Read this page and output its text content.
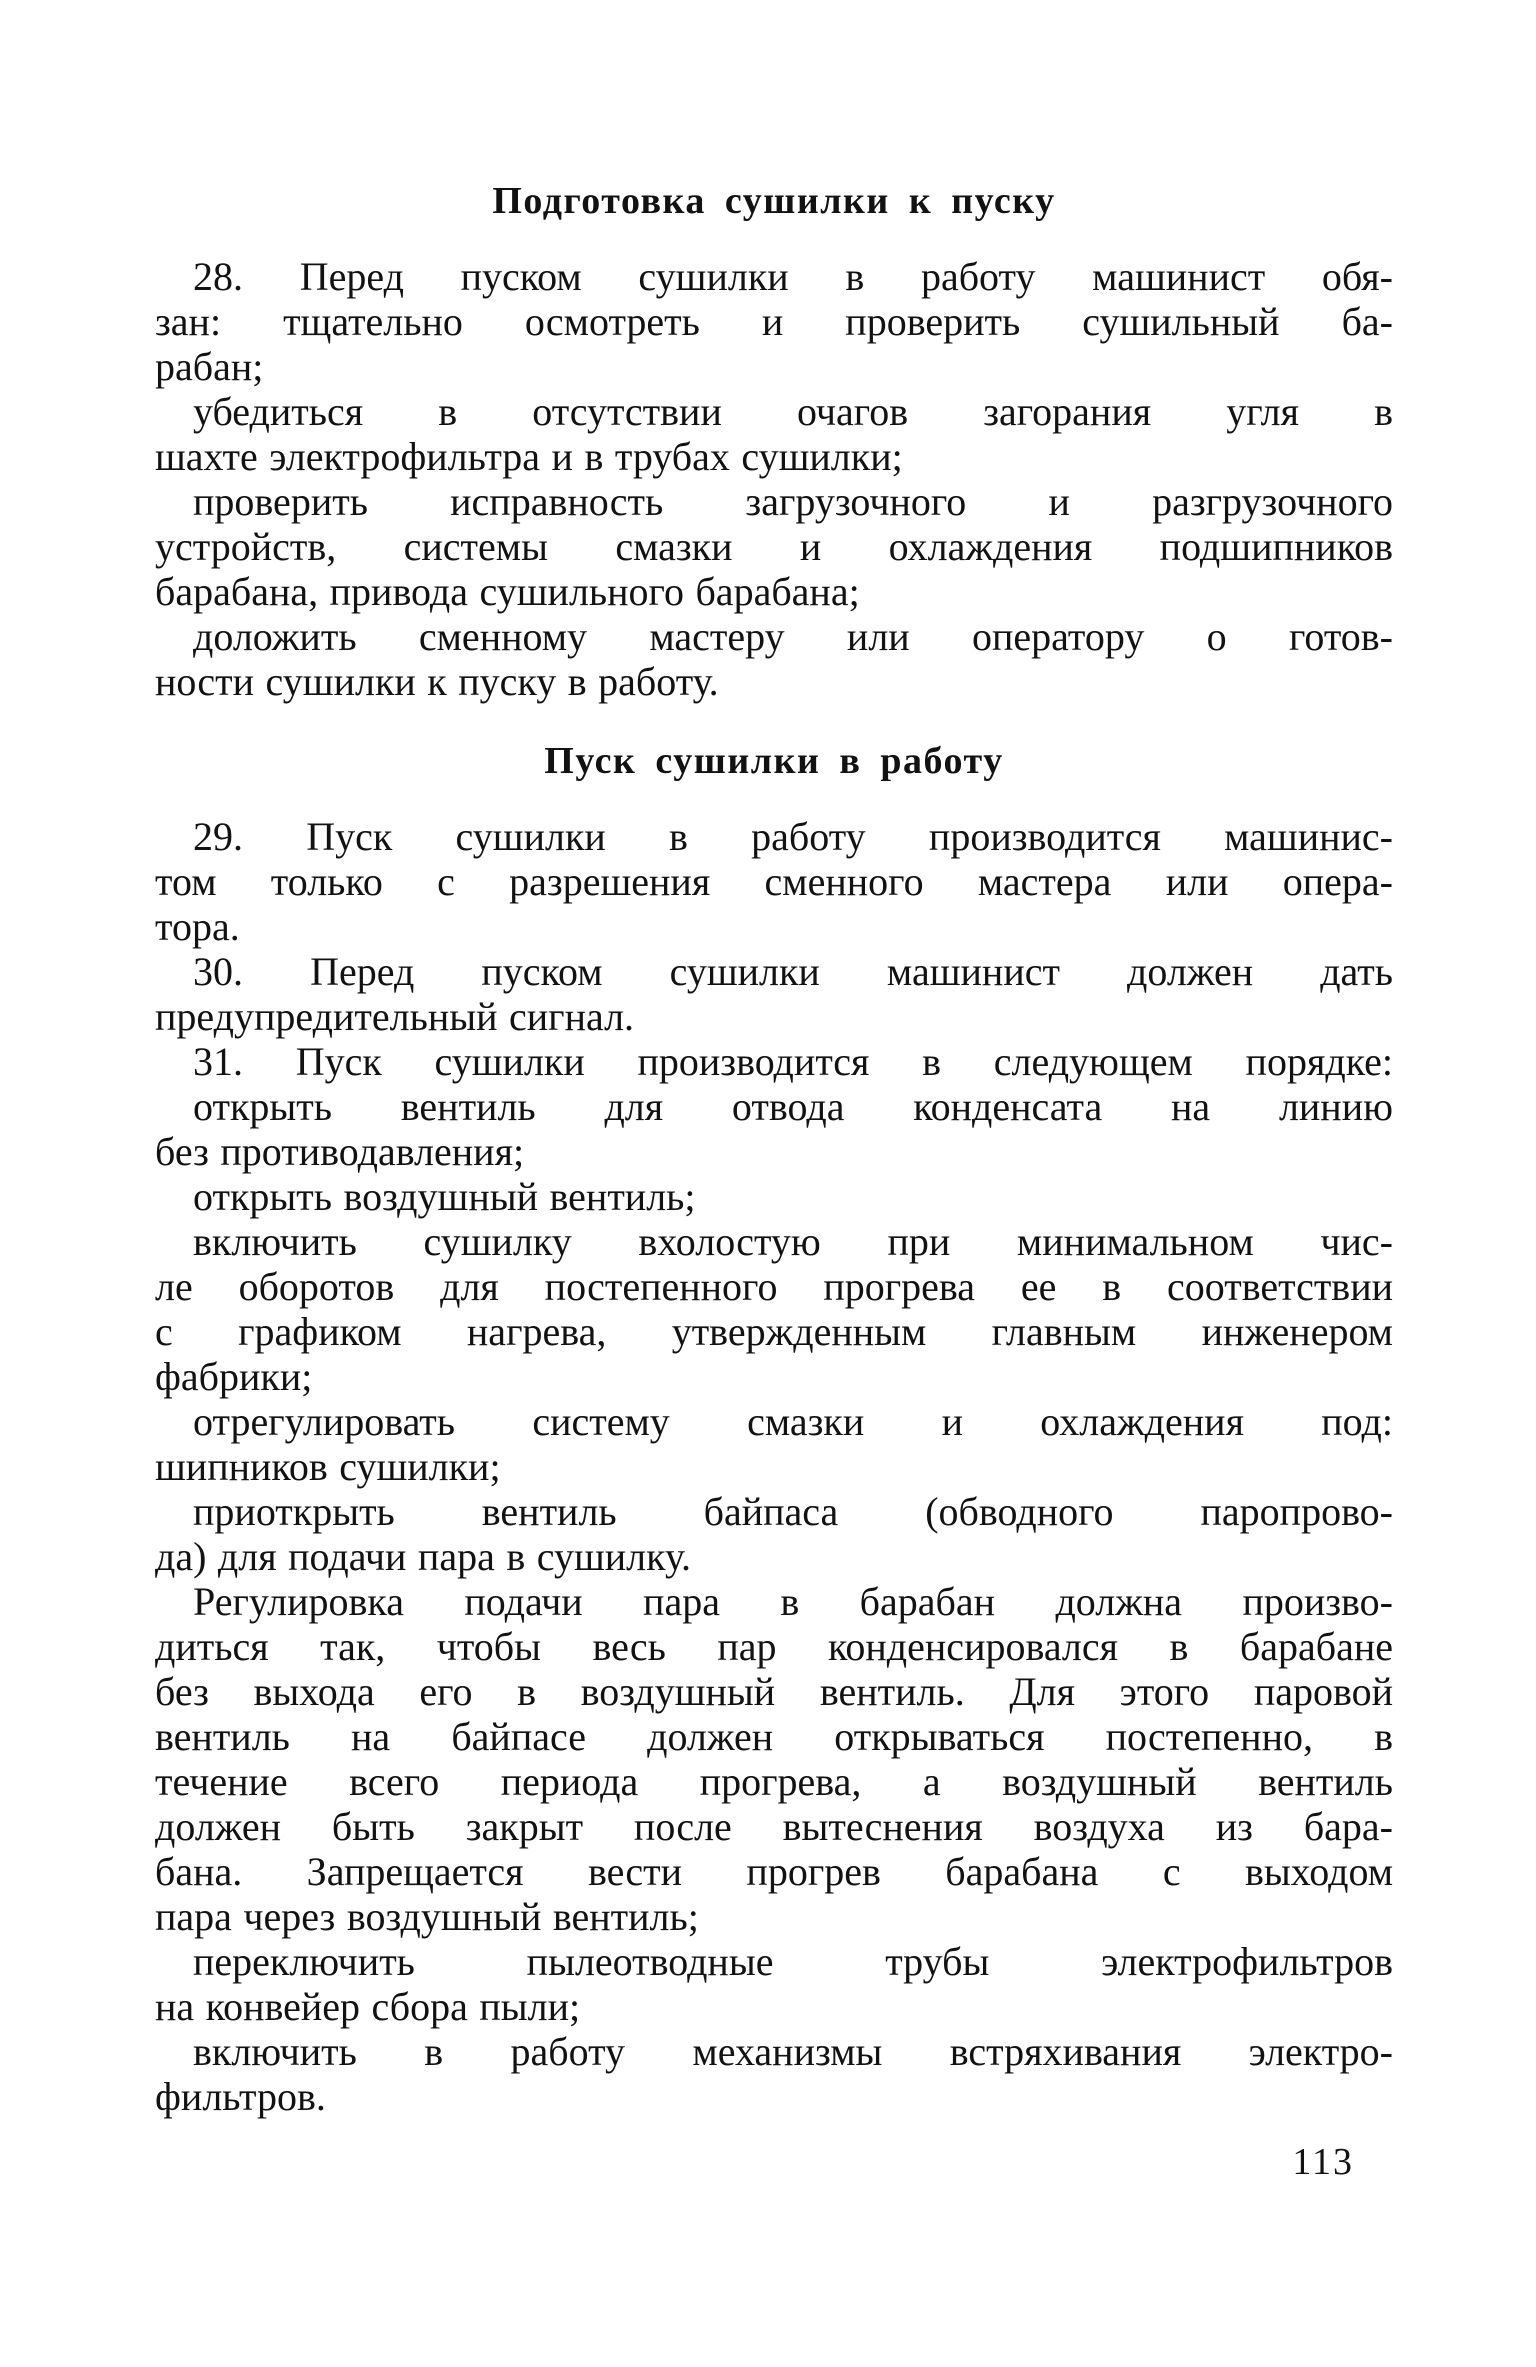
Подготовка сушилки к пуску
28. Перед пуском сушилки в работу машинист обя-
зан: тщательно осмотреть и проверить сушильный ба-
рабан;
убедиться в отсутствии очагов загорания угля в
шахте электрофильтра и в трубах сушилки;
проверить исправность загрузочного и разгрузочного
устройств, системы смазки и охлаждения подшипников
барабана, привода сушильного барабана;
доложить сменному мастеру или оператору о готов-
ности сушилки к пуску в работу.
Пуск сушилки в работу
29. Пуск сушилки в работу производится машинис-
том только с разрешения сменного мастера или опера-
тора.
30. Перед пуском сушилки машинист должен дать
предупредительный сигнал.
31. Пуск сушилки производится в следующем порядке:
открыть вентиль для отвода конденсата на линию
без противодавления;
открыть воздушный вентиль;
включить сушилку вхолостую при минимальном чис-
ле оборотов для постепенного прогрева ее в соответствии
с графиком нагрева, утвержденным главным инженером
фабрики;
отрегулировать систему смазки и охлаждения под:
шипников сушилки;
приоткрыть вентиль байпаса (обводного паропрово-
да) для подачи пара в сушилку.
Регулировка подачи пара в барабан должна произво-
диться так, чтобы весь пар конденсировался в барабане
без выхода его в воздушный вентиль. Для этого паровой
вентиль на байпасе должен открываться постепенно, в
течение всего периода прогрева, а воздушный вентиль
должен быть закрыт после вытеснения воздуха из бара-
бана. Запрещается вести прогрев барабана с выходом
пара через воздушный вентиль;
переключить пылеотводные трубы электрофильтров
на конвейер сбора пыли;
включить в работу механизмы встряхивания электро-
фильтров.
113
